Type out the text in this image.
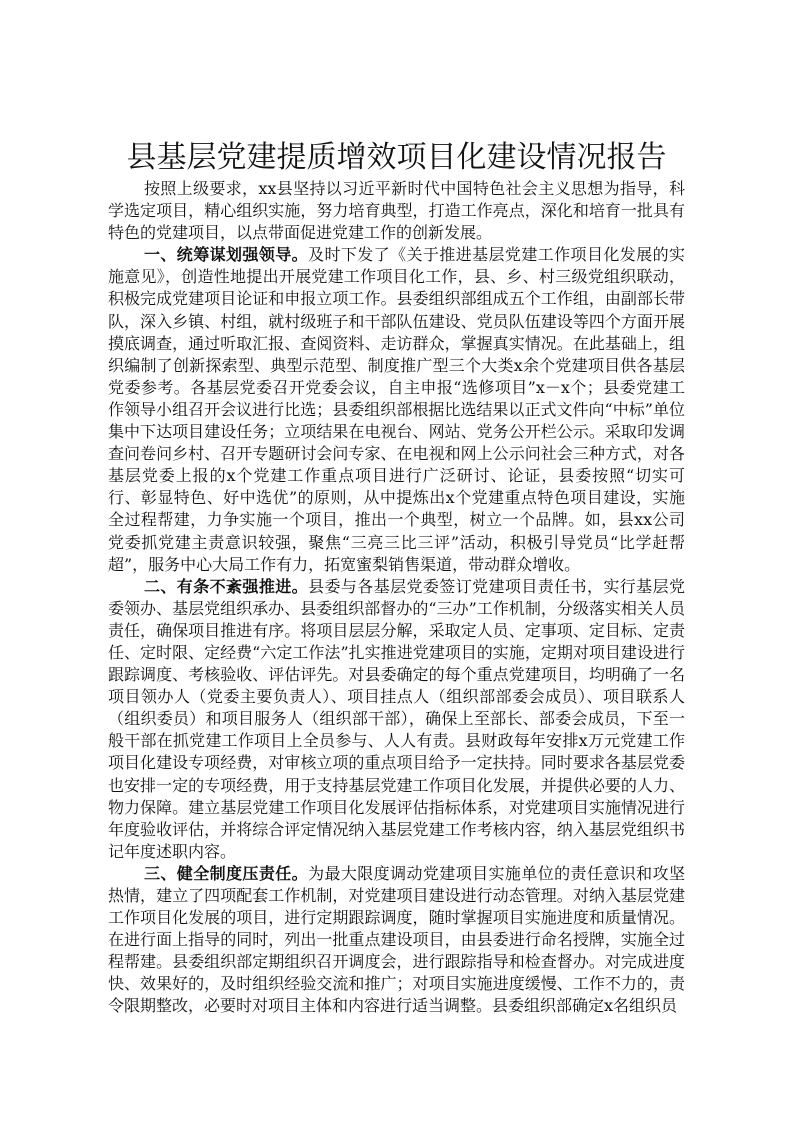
县基层党建提质增效项目化建设情况报告

按照上级要求，xx县坚持以习近平新时代中国特色社会主义思想为指导，科学选定项目，精心组织实施，努力培育典型，打造工作亮点，深化和培育一批具有特色的党建项目，以点带面促进党建工作的创新发展。

一、统筹谋划强领导。及时下发了《关于推进基层党建工作项目化发展的实施意见》，创造性地提出开展党建工作项目化工作，县、乡、村三级党组织联动，积极完成党建项目论证和申报立项工作。县委组织部组成五个工作组，由副部长带队，深入乡镇、村组，就村级班子和干部队伍建设、党员队伍建设等四个方面开展摸底调查，通过听取汇报、查阅资料、走访群众，掌握真实情况。在此基础上，组织编制了创新探索型、典型示范型、制度推广型三个大类x余个党建项目供各基层党委参考。各基层党委召开党委会议，自主申报“选修项目”x－x个；县委党建工作领导小组召开会议进行比选；县委组织部根据比选结果以正式文件向“中标”单位集中下达项目建设任务；立项结果在电视台、网站、党务公开栏公示。采取印发调查问卷问乡村、召开专题研讨会问专家、在电视和网上公示问社会三种方式，对各基层党委上报的x个党建工作重点项目进行广泛研讨、论证，县委按照“切实可行、彰显特色、好中选优”的原则，从中提炼出x个党建重点特色项目建设，实施全过程帮建，力争实施一个项目，推出一个典型，树立一个品牌。如，县xx公司党委抓党建主责意识较强，聚焦“三亮三比三评”活动，积极引导党员“比学赶帮超”，服务中心大局工作有力，拓宽蜜梨销售渠道，带动群众增收。

二、有条不紊强推进。县委与各基层党委签订党建项目责任书，实行基层党委领办、基层党组织承办、县委组织部督办的“三办”工作机制，分级落实相关人员责任，确保项目推进有序。将项目层层分解，采取定人员、定事项、定目标、定责任、定时限、定经费“六定工作法”扎实推进党建项目的实施，定期对项目建设进行跟踪调度、考核验收、评估评先。对县委确定的每个重点党建项目，均明确了一名项目领办人（党委主要负责人）、项目挂点人（组织部部委会成员）、项目联系人（组织委员）和项目服务人（组织部干部），确保上至部长、部委会成员，下至一般干部在抓党建工作项目上全员参与、人人有责。县财政每年安排x万元党建工作项目化建设专项经费，对审核立项的重点项目给予一定扶持。同时要求各基层党委也安排一定的专项经费，用于支持基层党建工作项目化发展，并提供必要的人力、物力保障。建立基层党建工作项目化发展评估指标体系，对党建项目实施情况进行年度验收评估，并将综合评定情况纳入基层党建工作考核内容，纳入基层党组织书记年度述职内容。

三、健全制度压责任。为最大限度调动党建项目实施单位的责任意识和攻坚热情，建立了四项配套工作机制，对党建项目建设进行动态管理。对纳入基层党建工作项目化发展的项目，进行定期跟踪调度，随时掌握项目实施进度和质量情况。在进行面上指导的同时，列出一批重点建设项目，由县委进行命名授牌，实施全过程帮建。县委组织部定期组织召开调度会，进行跟踪指导和检查督办。对完成进度快、效果好的，及时组织经验交流和推广；对项目实施进度缓慢、工作不力的，责令限期整改，必要时对项目主体和内容进行适当调整。县委组织部确定x名组织员
